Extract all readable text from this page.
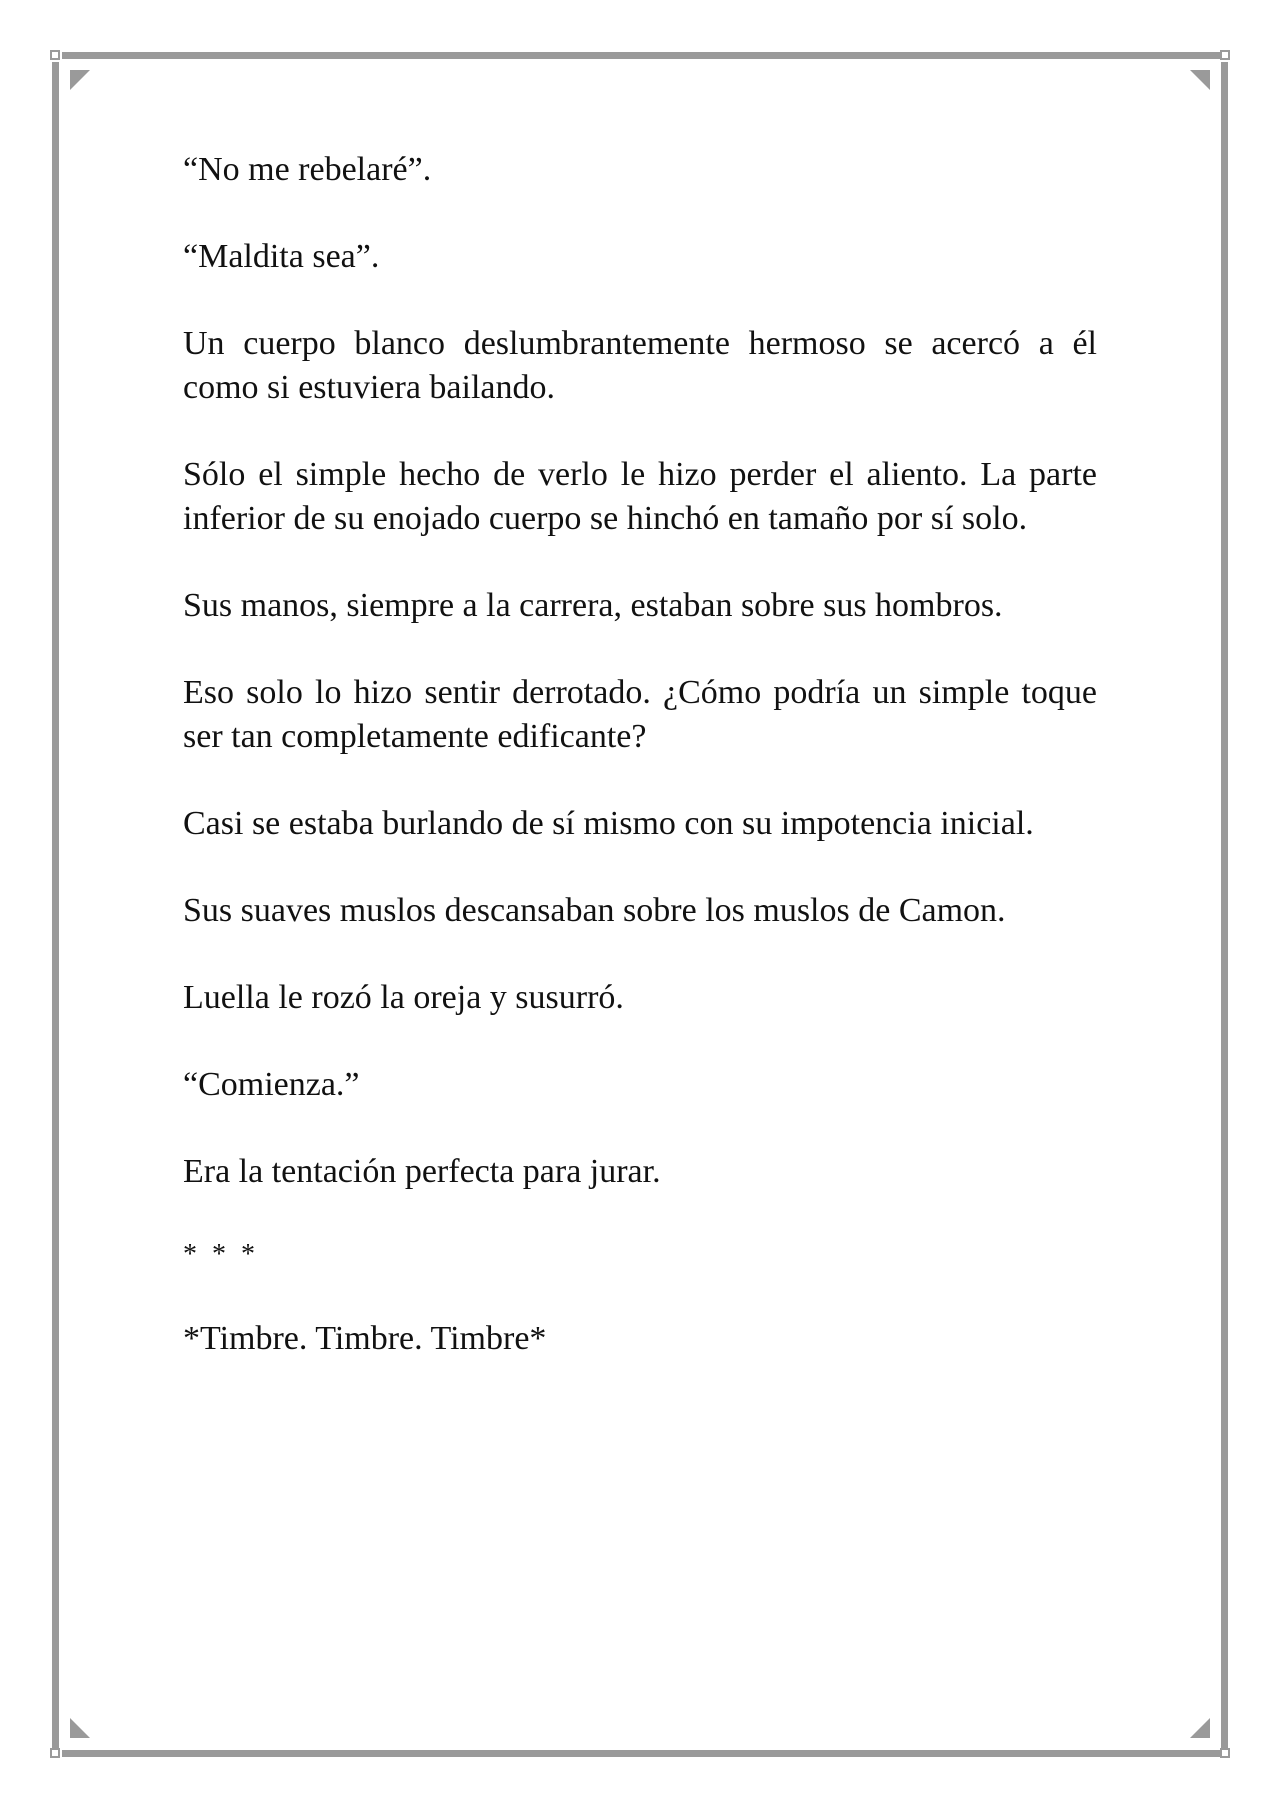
“No me rebelaré”.

“Maldita sea”.

Un cuerpo blanco deslumbrantemente hermoso se acercó a él como si estuviera bailando.

Sólo el simple hecho de verlo le hizo perder el aliento. La parte inferior de su enojado cuerpo se hinchó en tamaño por sí solo.

Sus manos, siempre a la carrera, estaban sobre sus hombros.

Eso solo lo hizo sentir derrotado. ¿Cómo podría un simple toque ser tan completamente edificante?

Casi se estaba burlando de sí mismo con su impotencia inicial.

Sus suaves muslos descansaban sobre los muslos de Camon.

Luella le rozó la oreja y susurró.

“Comienza.”

Era la tentación perfecta para jurar.

* * *

*Timbre. Timbre. Timbre*
